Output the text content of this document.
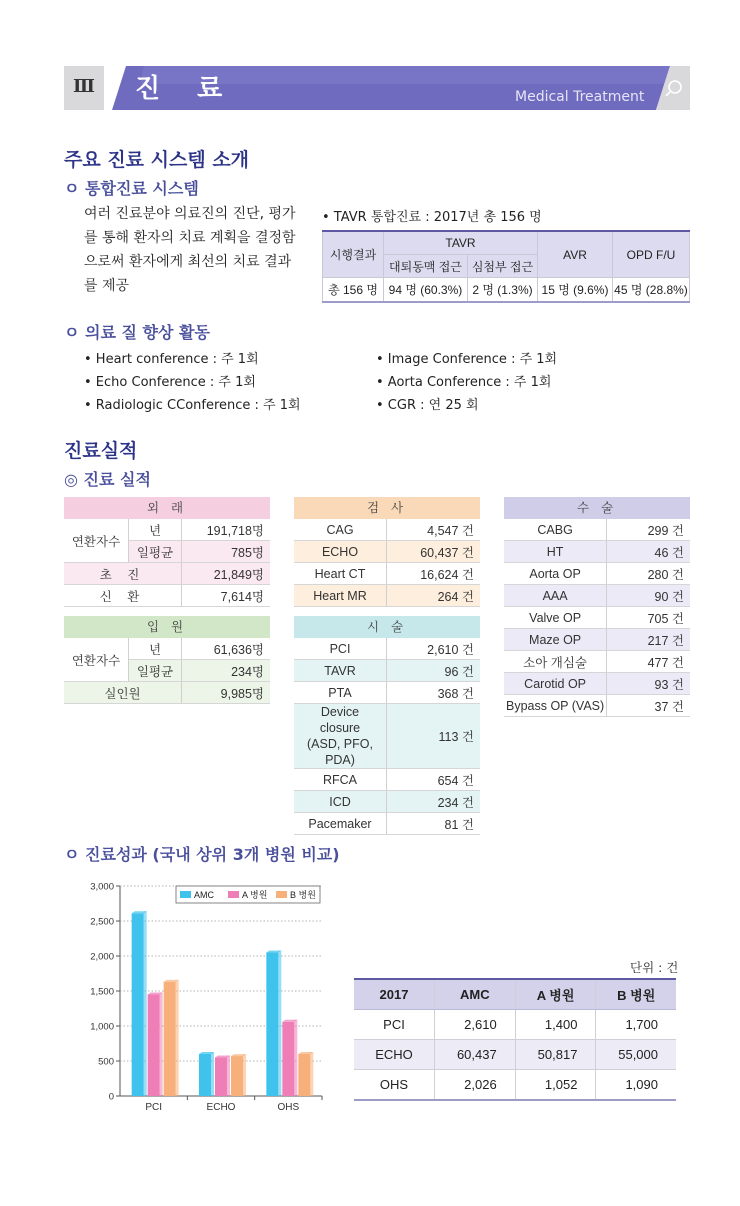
Ⅲ	진 료	Medical Treatment
주요 진료 시스템 소개
ㅇ 통합진료 시스템
여러 진료분야 의료진의 진단, 평가
를 통해 환자의 치료 계획을 결정함
으로써 환자에게 최선의 치료 결과
를 제공
• TAVR 통합진료 : 2017년 총 156 명
시행결과	TAVR		AVR	OPD F/U
	대퇴동맥 접근	심첨부 접근		
총 156 명	94 명 (60.3%)	2 명 (1.3%)	15 명 (9.6%)	45 명 (28.8%)
ㅇ 의료 질 향상 활동
• Heart conference : 주 1회
• Echo Conference : 주 1회
• Radiologic CConference : 주 1회
• Image Conference : 주 1회
• Aorta Conference : 주 1회
• CGR : 연 25 회
진료실적
◎ 진료 실적
외 래
연환자수	년	191,718명
	일평균	785명
초 진		21,849명
신 환		7,614명
입 원
연환자수	년	61,636명
	일평균	234명
실인원		9,985명
검 사
CAG	4,547 건
ECHO	60,437 건
Heart CT	16,624 건
Heart MR	264 건
시 술
PCI	2,610 건
TAVR	96 건
PTA	368 건

Device closure
(ASD, PFO, PDA)	113 건
RFCA	654 건
ICD	234 건
Pacemaker	81 건
수 술
CABG	299 건
HT	46 건
Aorta OP	280 건
AAA	90 건
Valve OP	705 건
Maze OP	217 건
소아 개심술	477 건
Carotid OP	93 건
Bypass OP (VAS)	37 건
ㅇ 진료성과 (국내 상위 3개 병원 비교)
0
500
1,000
1,500
2,000
2,500
3,000
PCI	ECHO	OHS
AMC	A 병원	B 병원
단위 : 건
2017	AMC	A 병원	B 병원
PCI	2,610	1,400	1,700
ECHO	60,437	50,817	55,000
OHS	2,026	1,052	1,090
